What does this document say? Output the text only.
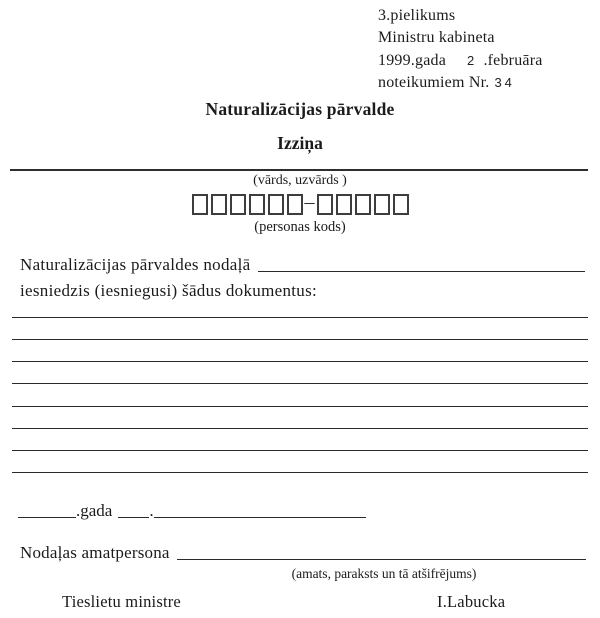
3.pielikums
Ministru kabineta
1999.gada 2 .februāra
noteikumiem Nr. 34
Naturalizācijas pārvalde
Izziņa
(vārds, uzvārds )
–
(personas kods)
Naturalizācijas pārvaldes nodaļā
iesniedzis (iesniegusi) šādus dokumentus:
.gada .
Nodaļas amatpersona
(amats, paraksts un tā atšifrējums)
Tieslietu ministre	I.Labucka
